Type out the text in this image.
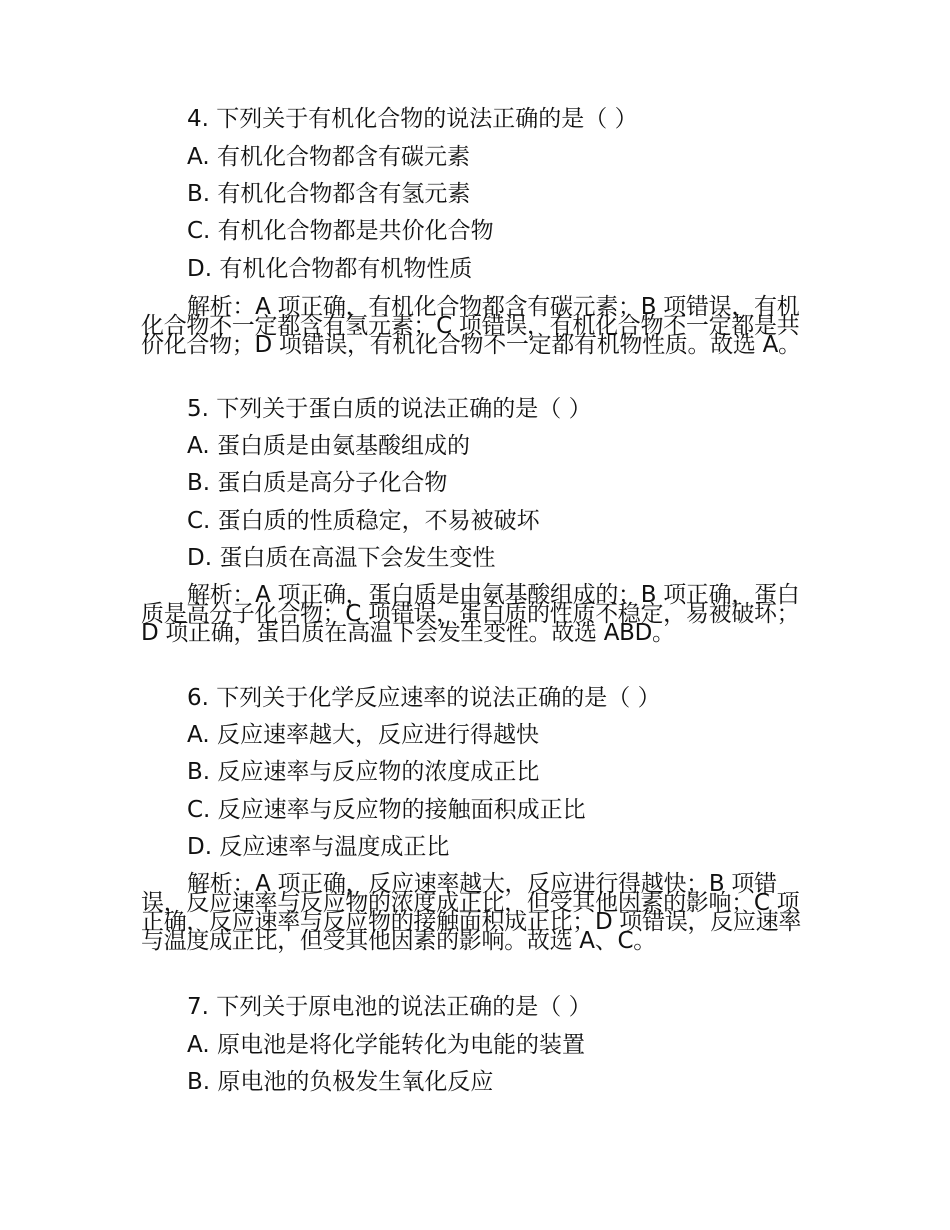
4. 下列关于有机化合物的说法正确的是（ ）

A. 有机化合物都含有碳元素

B. 有机化合物都含有氢元素

C. 有机化合物都是共价化合物

D. 有机化合物都有机物性质

解析：A 项正确，有机化合物都含有碳元素；B 项错误，有机化合物不一定都含有氢元素；C 项错误，有机化合物不一定都是共价化合物；D 项错误，有机化合物不一定都有机物性质。故选 A。

5. 下列关于蛋白质的说法正确的是（ ）

A. 蛋白质是由氨基酸组成的

B. 蛋白质是高分子化合物

C. 蛋白质的性质稳定，不易被破坏

D. 蛋白质在高温下会发生变性

解析：A 项正确，蛋白质是由氨基酸组成的；B 项正确，蛋白质是高分子化合物；C 项错误，蛋白质的性质不稳定，易被破坏；D 项正确，蛋白质在高温下会发生变性。故选 ABD。

6. 下列关于化学反应速率的说法正确的是（ ）

A. 反应速率越大，反应进行得越快

B. 反应速率与反应物的浓度成正比

C. 反应速率与反应物的接触面积成正比

D. 反应速率与温度成正比

解析：A 项正确，反应速率越大，反应进行得越快；B 项错误，反应速率与反应物的浓度成正比，但受其他因素的影响；C 项正确，反应速率与反应物的接触面积成正比；D 项错误，反应速率与温度成正比，但受其他因素的影响。故选 A、C。

7. 下列关于原电池的说法正确的是（ ）

A. 原电池是将化学能转化为电能的装置

B. 原电池的负极发生氧化反应
